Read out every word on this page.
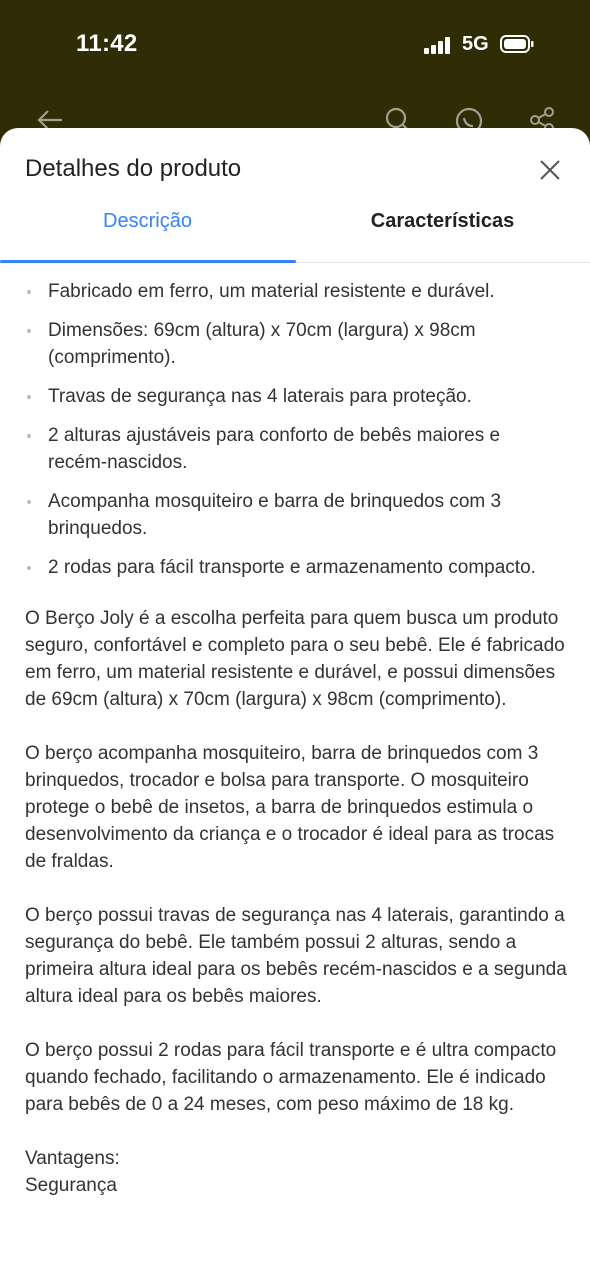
11:42	5G
Detalhes do produto
Descrição	Características
Fabricado em ferro, um material resistente e durável.
Dimensões: 69cm (altura) x 70cm (largura) x 98cm (comprimento).
Travas de segurança nas 4 laterais para proteção.
2 alturas ajustáveis para conforto de bebês maiores e recém-nascidos.
Acompanha mosquiteiro e barra de brinquedos com 3 brinquedos.
2 rodas para fácil transporte e armazenamento compacto.

O Berço Joly é a escolha perfeita para quem busca um produto seguro, confortável e completo para o seu bebê. Ele é fabricado em ferro, um material resistente e durável, e possui dimensões de 69cm (altura) x 70cm (largura) x 98cm (comprimento).

O berço acompanha mosquiteiro, barra de brinquedos com 3 brinquedos, trocador e bolsa para transporte. O mosquiteiro protege o bebê de insetos, a barra de brinquedos estimula o desenvolvimento da criança e o trocador é ideal para as trocas de fraldas.

O berço possui travas de segurança nas 4 laterais, garantindo a segurança do bebê. Ele também possui 2 alturas, sendo a primeira altura ideal para os bebês recém-nascidos e a segunda altura ideal para os bebês maiores.

O berço possui 2 rodas para fácil transporte e é ultra compacto quando fechado, facilitando o armazenamento. Ele é indicado para bebês de 0 a 24 meses, com peso máximo de 18 kg.

Vantagens:

Segurança
